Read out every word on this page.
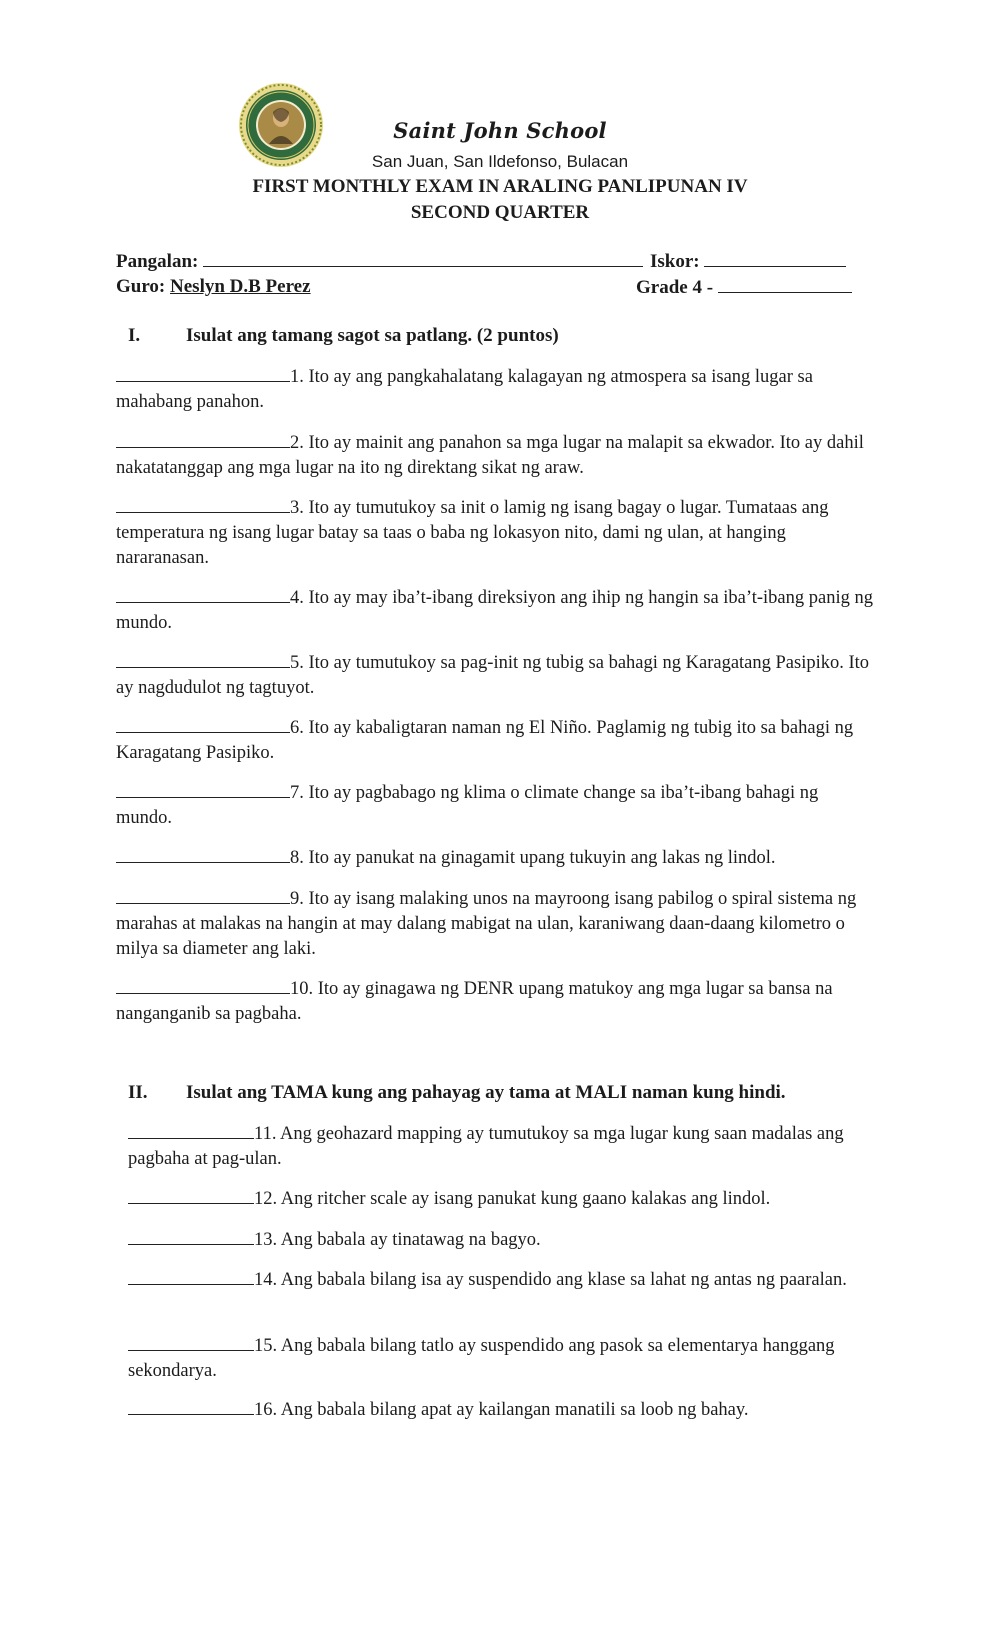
Saint John School
San Juan, San Ildefonso, Bulacan
FIRST MONTHLY EXAM IN ARALING PANLIPUNAN IV
SECOND QUARTER
Pangalan:	Iskor:
Guro: Neslyn D.B Perez	Grade 4 -
I. Isulat ang tamang sagot sa patlang. (2 puntos)
1. Ito ay ang pangkahalatang kalagayan ng atmospera sa isang lugar sa mahabang panahon.
2. Ito ay mainit ang panahon sa mga lugar na malapit sa ekwador. Ito ay dahil nakatatanggap ang mga lugar na ito ng direktang sikat ng araw.
3. Ito ay tumutukoy sa init o lamig ng isang bagay o lugar. Tumataas ang temperatura ng isang lugar batay sa taas o baba ng lokasyon nito, dami ng ulan, at hanging nararanasan.
4. Ito ay may iba’t-ibang direksiyon ang ihip ng hangin sa iba’t-ibang panig ng mundo.
5. Ito ay tumutukoy sa pag-init ng tubig sa bahagi ng Karagatang Pasipiko. Ito ay nagdudulot ng tagtuyot.
6. Ito ay kabaligtaran naman ng El Niño. Paglamig ng tubig ito sa bahagi ng Karagatang Pasipiko.
7. Ito ay pagbabago ng klima o climate change sa iba’t-ibang bahagi ng mundo.
8. Ito ay panukat na ginagamit upang tukuyin ang lakas ng lindol.
9. Ito ay isang malaking unos na mayroong isang pabilog o spiral sistema ng marahas at malakas na hangin at may dalang mabigat na ulan, karaniwang daan-daang kilometro o milya sa diameter ang laki.
10. Ito ay ginagawa ng DENR upang matukoy ang mga lugar sa bansa na nanganganib sa pagbaha.
II. Isulat ang TAMA kung ang pahayag ay tama at MALI naman kung hindi.
11. Ang geohazard mapping ay tumutukoy sa mga lugar kung saan madalas ang pagbaha at pag-ulan.
12. Ang ritcher scale ay isang panukat kung gaano kalakas ang lindol.
13. Ang babala ay tinatawag na bagyo.
14. Ang babala bilang isa ay suspendido ang klase sa lahat ng antas ng paaralan.
15. Ang babala bilang tatlo ay suspendido ang pasok sa elementarya hanggang sekondarya.
16. Ang babala bilang apat ay kailangan manatili sa loob ng bahay.
